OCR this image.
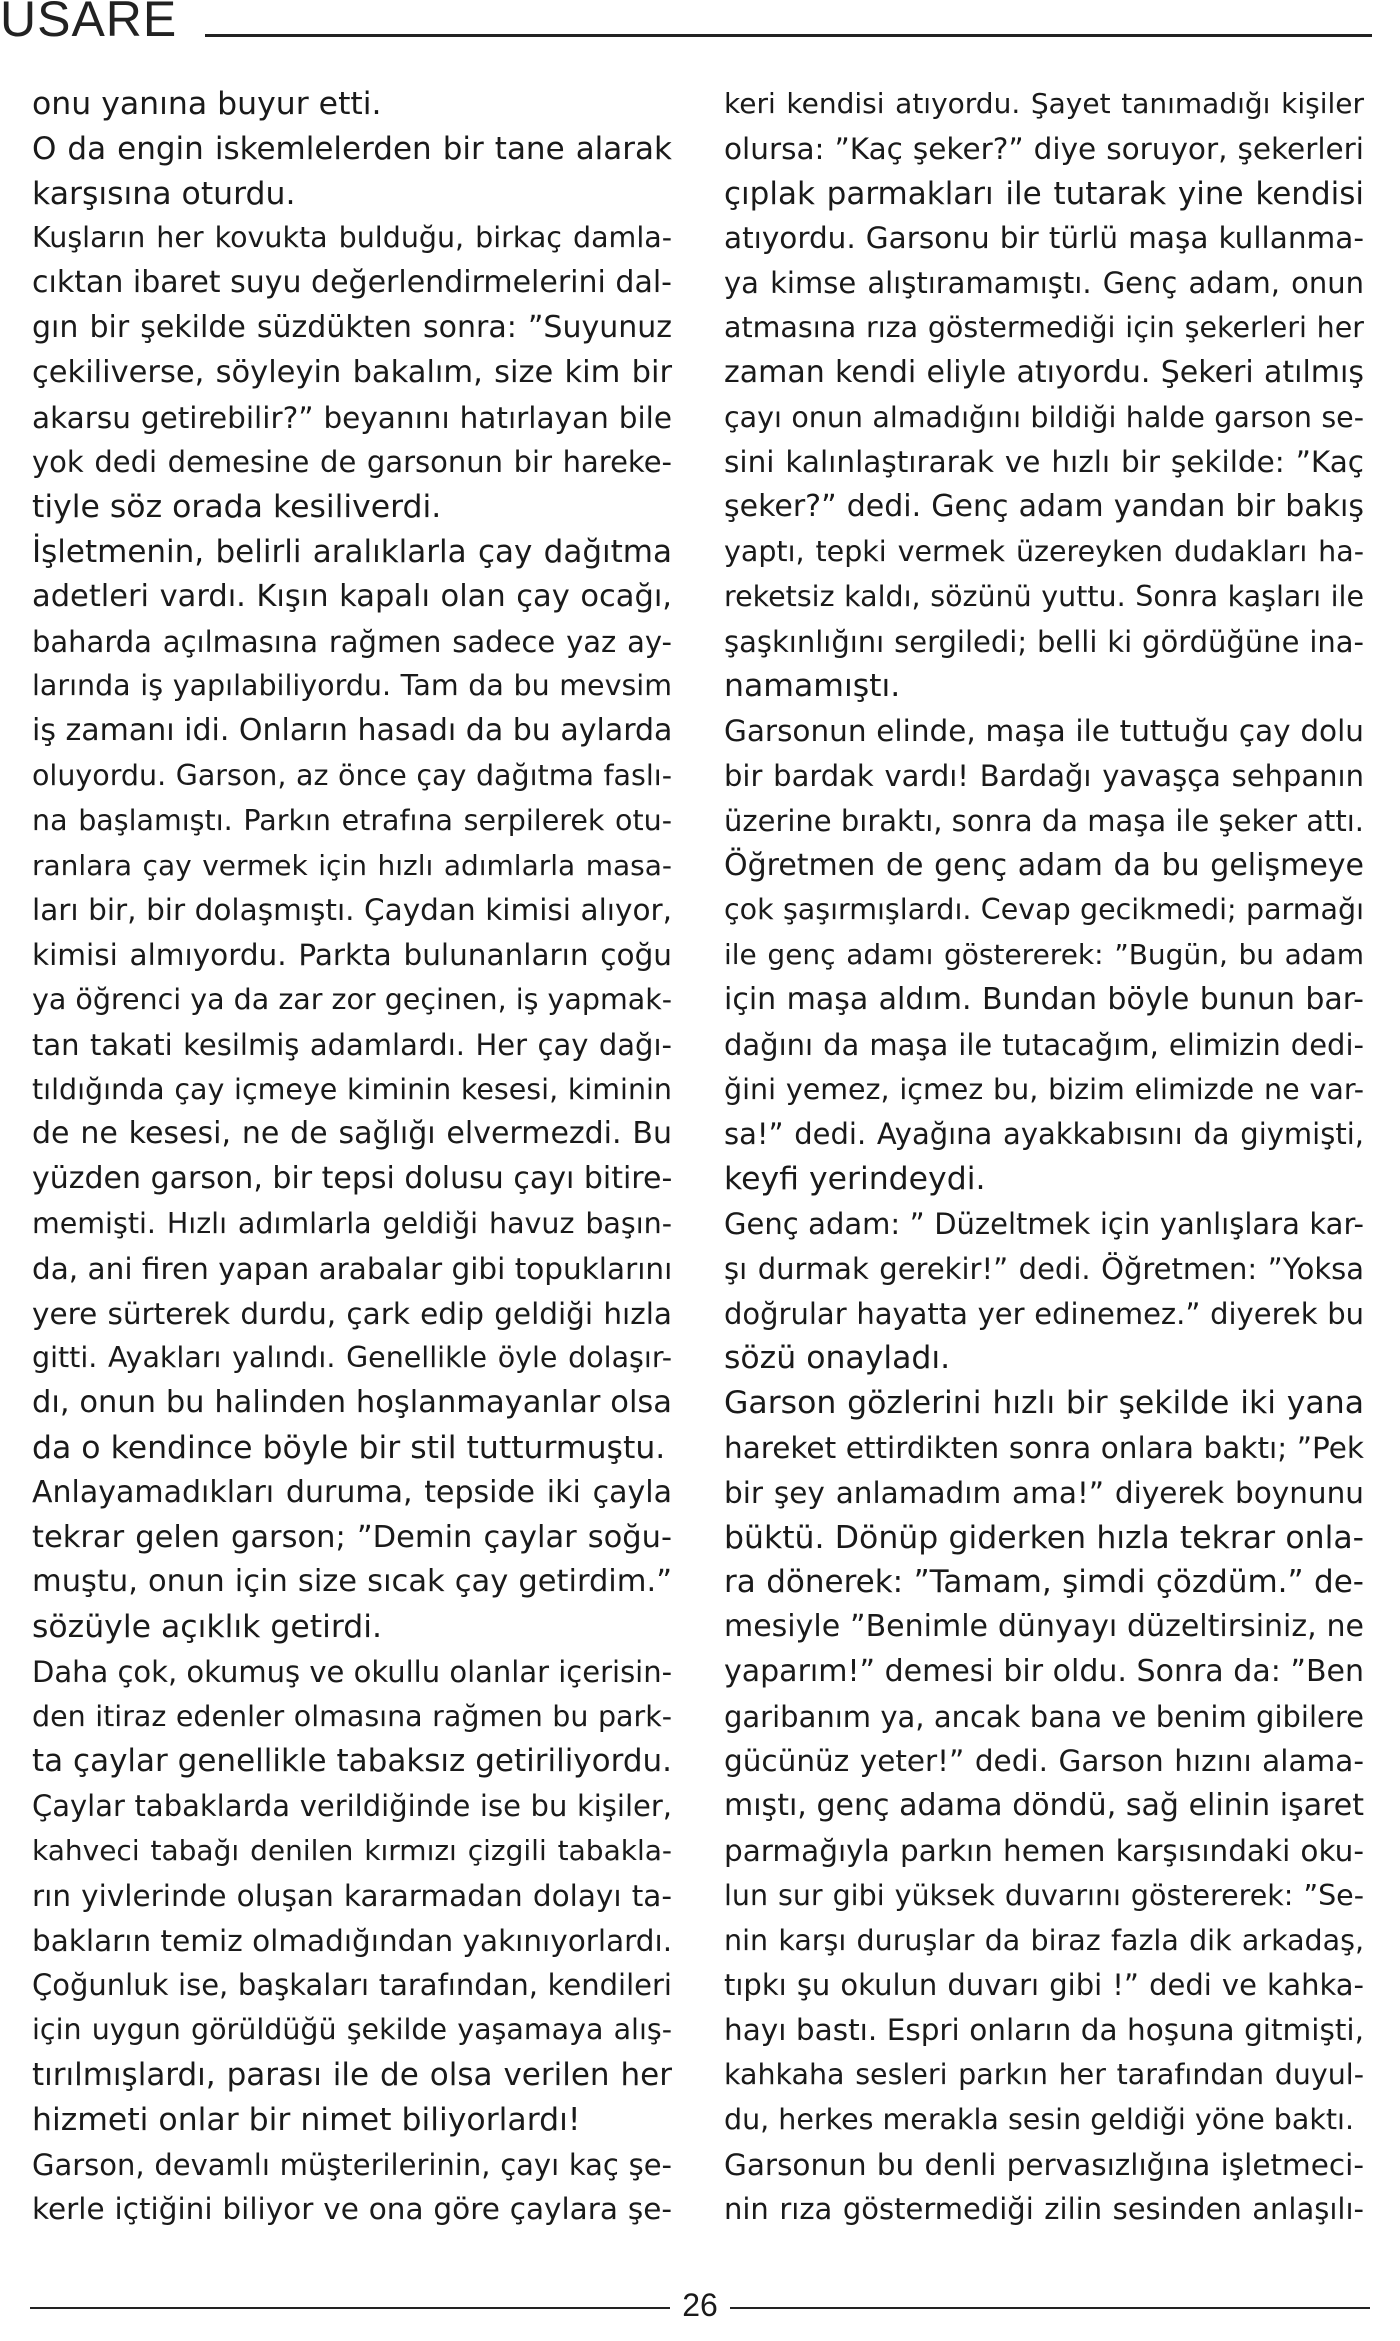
USARE

onu yanına buyur etti.

O da engin iskemlelerden bir tane alarak
karşısına oturdu.

Kuşların her kovukta bulduğu, birkaç damla-
cıktan ibaret suyu değerlendirmelerini dal-
gın bir şekilde süzdükten sonra: ”Suyunuz
çekiliverse, söyleyin bakalım, size kim bir
akarsu getirebilir?” beyanını hatırlayan bile
yok dedi demesine de garsonun bir hareke-
tiyle söz orada kesiliverdi.

İşletmenin, belirli aralıklarla çay dağıtma
adetleri vardı. Kışın kapalı olan çay ocağı,
baharda açılmasına rağmen sadece yaz ay-
larında iş yapılabiliyordu. Tam da bu mevsim
iş zamanı idi. Onların hasadı da bu aylarda
oluyordu. Garson, az önce çay dağıtma faslı-
na başlamıştı. Parkın etrafına serpilerek otu-
ranlara çay vermek için hızlı adımlarla masa-
ları bir, bir dolaşmıştı. Çaydan kimisi alıyor,
kimisi almıyordu. Parkta bulunanların çoğu
ya öğrenci ya da zar zor geçinen, iş yapmak-
tan takati kesilmiş adamlardı. Her çay dağı-
tıldığında çay içmeye kiminin kesesi, kiminin
de ne kesesi, ne de sağlığı elvermezdi. Bu
yüzden garson, bir tepsi dolusu çayı bitire-
memişti. Hızlı adımlarla geldiği havuz başın-
da, ani firen yapan arabalar gibi topuklarını
yere sürterek durdu, çark edip geldiği hızla
gitti. Ayakları yalındı. Genellikle öyle dolaşır-
dı, onun bu halinden hoşlanmayanlar olsa
da o kendince böyle bir stil tutturmuştu.

Anlayamadıkları duruma, tepside iki çayla
tekrar gelen garson; ”Demin çaylar soğu-
muştu, onun için size sıcak çay getirdim.”
sözüyle açıklık getirdi.

Daha çok, okumuş ve okullu olanlar içerisin-
den itiraz edenler olmasına rağmen bu park-
ta çaylar genellikle tabaksız getiriliyordu.
Çaylar tabaklarda verildiğinde ise bu kişiler,
kahveci tabağı denilen kırmızı çizgili tabakla-
rın yivlerinde oluşan kararmadan dolayı ta-
bakların temiz olmadığından yakınıyorlardı.
Çoğunluk ise, başkaları tarafından, kendileri
için uygun görüldüğü şekilde yaşamaya alış-
tırılmışlardı, parası ile de olsa verilen her
hizmeti onlar bir nimet biliyorlardı!

Garson, devamlı müşterilerinin, çayı kaç şe-
kerle içtiğini biliyor ve ona göre çaylara şe-

keri kendisi atıyordu. Şayet tanımadığı kişiler
olursa: ”Kaç şeker?” diye soruyor, şekerleri
çıplak parmakları ile tutarak yine kendisi
atıyordu. Garsonu bir türlü maşa kullanma-
ya kimse alıştıramamıştı. Genç adam, onun
atmasına rıza göstermediği için şekerleri her
zaman kendi eliyle atıyordu. Şekeri atılmış
çayı onun almadığını bildiği halde garson se-
sini kalınlaştırarak ve hızlı bir şekilde: ”Kaç
şeker?” dedi. Genç adam yandan bir bakış
yaptı, tepki vermek üzereyken dudakları ha-
reketsiz kaldı, sözünü yuttu. Sonra kaşları ile
şaşkınlığını sergiledi; belli ki gördüğüne ina-
namamıştı.

Garsonun elinde, maşa ile tuttuğu çay dolu
bir bardak vardı! Bardağı yavaşça sehpanın
üzerine bıraktı, sonra da maşa ile şeker attı.
Öğretmen de genç adam da bu gelişmeye
çok şaşırmışlardı. Cevap gecikmedi; parmağı
ile genç adamı göstererek: ”Bugün, bu adam
için maşa aldım. Bundan böyle bunun bar-
dağını da maşa ile tutacağım, elimizin dedi-
ğini yemez, içmez bu, bizim elimizde ne var-
sa!” dedi. Ayağına ayakkabısını da giymişti,
keyfi yerindeydi.

Genç adam: ” Düzeltmek için yanlışlara kar-
şı durmak gerekir!” dedi. Öğretmen: ”Yoksa
doğrular hayatta yer edinemez.” diyerek bu
sözü onayladı.

Garson gözlerini hızlı bir şekilde iki yana
hareket ettirdikten sonra onlara baktı; ”Pek
bir şey anlamadım ama!” diyerek boynunu
büktü. Dönüp giderken hızla tekrar onla-
ra dönerek: ”Tamam, şimdi çözdüm.” de-
mesiyle ”Benimle dünyayı düzeltirsiniz, ne
yaparım!” demesi bir oldu. Sonra da: ”Ben
garibanım ya, ancak bana ve benim gibilere
gücünüz yeter!” dedi. Garson hızını alama-
mıştı, genç adama döndü, sağ elinin işaret
parmağıyla parkın hemen karşısındaki oku-
lun sur gibi yüksek duvarını göstererek: ”Se-
nin karşı duruşlar da biraz fazla dik arkadaş,
tıpkı şu okulun duvarı gibi !” dedi ve kahka-
hayı bastı. Espri onların da hoşuna gitmişti,
kahkaha sesleri parkın her tarafından duyul-
du, herkes merakla sesin geldiği yöne baktı.

Garsonun bu denli pervasızlığına işletmeci-
nin rıza göstermediği zilin sesinden anlaşılı-

26
